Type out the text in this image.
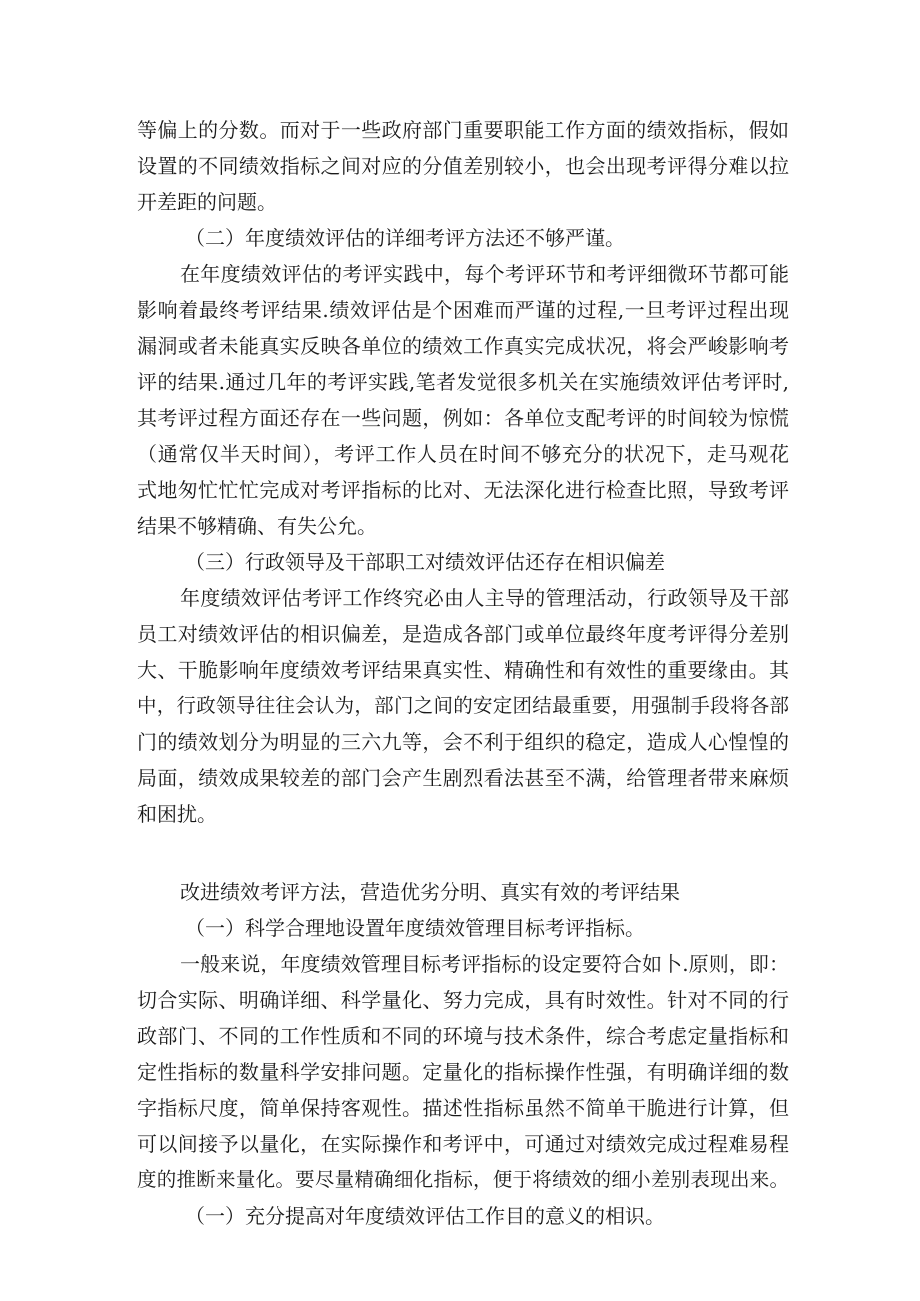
等偏上的分数。而对于一些政府部门重要职能工作方面的绩效指标，假如
设置的不同绩效指标之间对应的分值差别较小，也会出现考评得分难以拉
开差距的问题。
（二）年度绩效评估的详细考评方法还不够严谨。
在年度绩效评估的考评实践中，每个考评环节和考评细微环节都可能
影响着最终考评结果.绩效评估是个困难而严谨的过程,一旦考评过程出现
漏洞或者未能真实反映各单位的绩效工作真实完成状况，将会严峻影响考
评的结果.通过几年的考评实践,笔者发觉很多机关在实施绩效评估考评时,
其考评过程方面还存在一些问题，例如：各单位支配考评的时间较为惊慌
（通常仅半天时间），考评工作人员在时间不够充分的状况下，走马观花
式地匆忙忙忙完成对考评指标的比对、无法深化进行检查比照，导致考评
结果不够精确、有失公允。
（三）行政领导及干部职工对绩效评估还存在相识偏差
年度绩效评估考评工作终究必由人主导的管理活动，行政领导及干部
员工对绩效评估的相识偏差，是造成各部门或单位最终年度考评得分差别
大、干脆影响年度绩效考评结果真实性、精确性和有效性的重要缘由。其
中，行政领导往往会认为，部门之间的安定团结最重要，用强制手段将各部
门的绩效划分为明显的三六九等，会不利于组织的稳定，造成人心惶惶的
局面，绩效成果较差的部门会产生剧烈看法甚至不满，给管理者带来麻烦
和困扰。
改进绩效考评方法，营造优劣分明、真实有效的考评结果
（一）科学合理地设置年度绩效管理目标考评指标。
一般来说，年度绩效管理目标考评指标的设定要符合如卜.原则，即：
切合实际、明确详细、科学量化、努力完成，具有时效性。针对不同的行
政部门、不同的工作性质和不同的环境与技术条件，综合考虑定量指标和
定性指标的数量科学安排问题。定量化的指标操作性强，有明确详细的数
字指标尺度，简单保持客观性。描述性指标虽然不简单干脆进行计算，但
可以间接予以量化，在实际操作和考评中，可通过对绩效完成过程难易程
度的推断来量化。要尽量精确细化指标，便于将绩效的细小差别表现出来。
（一）充分提高对年度绩效评估工作目的意义的相识。
